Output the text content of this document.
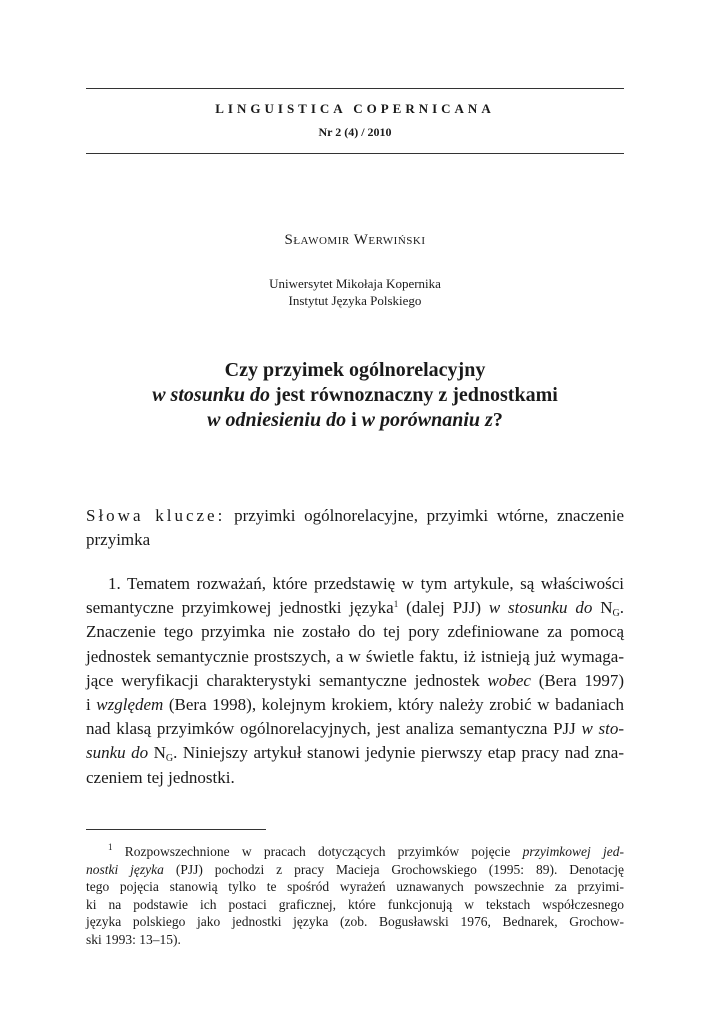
LINGUISTICA COPERNICANA
Nr 2 (4) / 2010
Sławomir Werwiński
Uniwersytet Mikołaja Kopernika
Instytut Języka Polskiego
Czy przyimek ogólnorelacyjny
w stosunku do jest równoznaczny z jednostkami
w odniesieniu do i w porównaniu z?
Słowa klucze: przyimki ogólnorelacyjne, przyimki wtórne, znaczenie przyimka
1. Tematem rozważań, które przedstawię w tym artykule, są właściwości
semantyczne przyimkowej jednostki języka$^1$ (dalej PJJ) w stosunku do $N_G$.
Znaczenie tego przyimka nie zostało do tej pory zdefiniowane za pomocą
jednostek semantycznie prostszych, a w świetle faktu, iż istnieją już wymaga-
jące weryfikacji charakterystyki semantyczne jednostek wobec (Bera 1997)
i względem (Bera 1998), kolejnym krokiem, który należy zrobić w badaniach
nad klasą przyimków ogólnorelacyjnych, jest analiza semantyczna PJJ w sto-
sunku do $N_G$. Niniejszy artykuł stanowi jedynie pierwszy etap pracy nad zna-
czeniem tej jednostki.
$^1$ Rozpowszechnione w pracach dotyczących przyimków pojęcie przyimkowej jed-
nostki języka (PJJ) pochodzi z pracy Macieja Grochowskiego (1995: 89). Denotację
tego pojęcia stanowią tylko te spośród wyrażeń uznawanych powszechnie za przyimi-
ki na podstawie ich postaci graficznej, które funkcjonują w tekstach współczesnego
języka polskiego jako jednostki języka (zob. Bogusławski 1976, Bednarek, Grochow-
ski 1993: 13–15).
